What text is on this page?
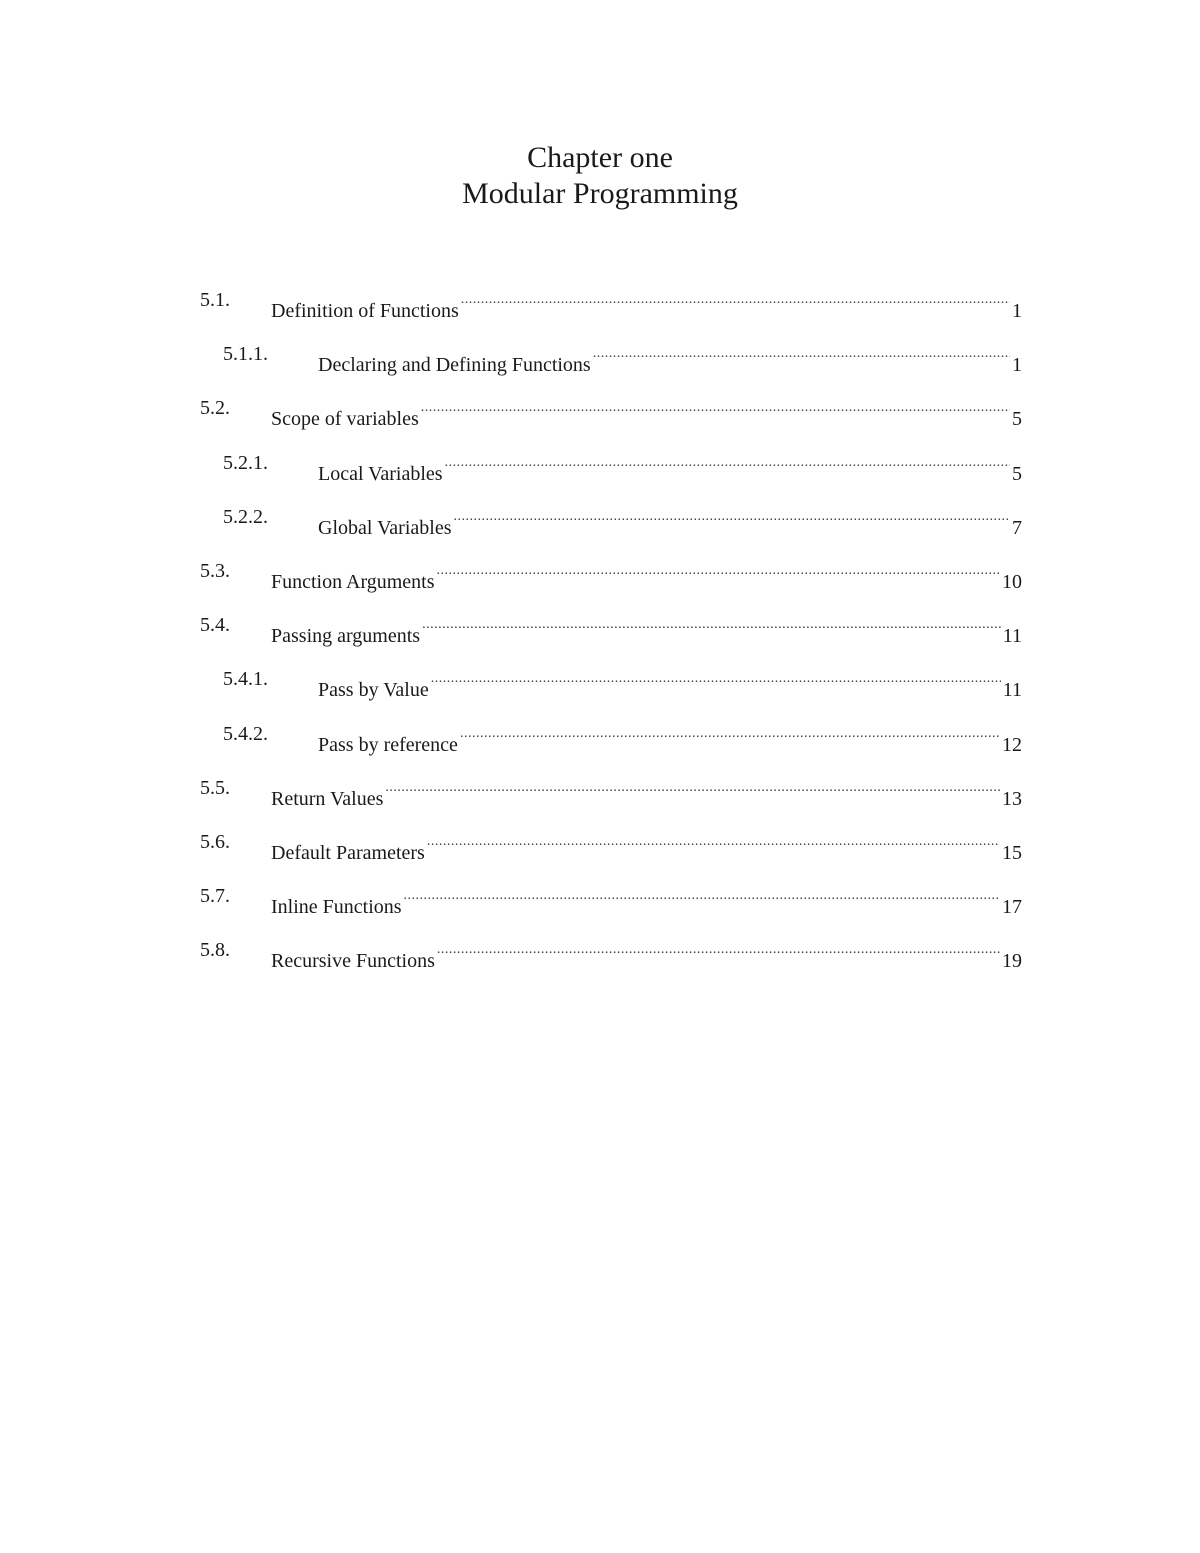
Chapter one
Modular Programming
5.1. Definition of Functions .....	1
5.1.1.	Declaring and Defining Functions .....	1
5.2. Scope of variables .....	5
5.2.1.	Local Variables .....	5
5.2.2.	Global Variables .....	7
5.3. Function Arguments .....	10
5.4. Passing arguments .....	11
5.4.1.	Pass by Value .....	11
5.4.2.	Pass by reference .....	12
5.5. Return Values .....	13
5.6. Default Parameters .....	15
5.7. Inline Functions .....	17
5.8. Recursive Functions .....	19
